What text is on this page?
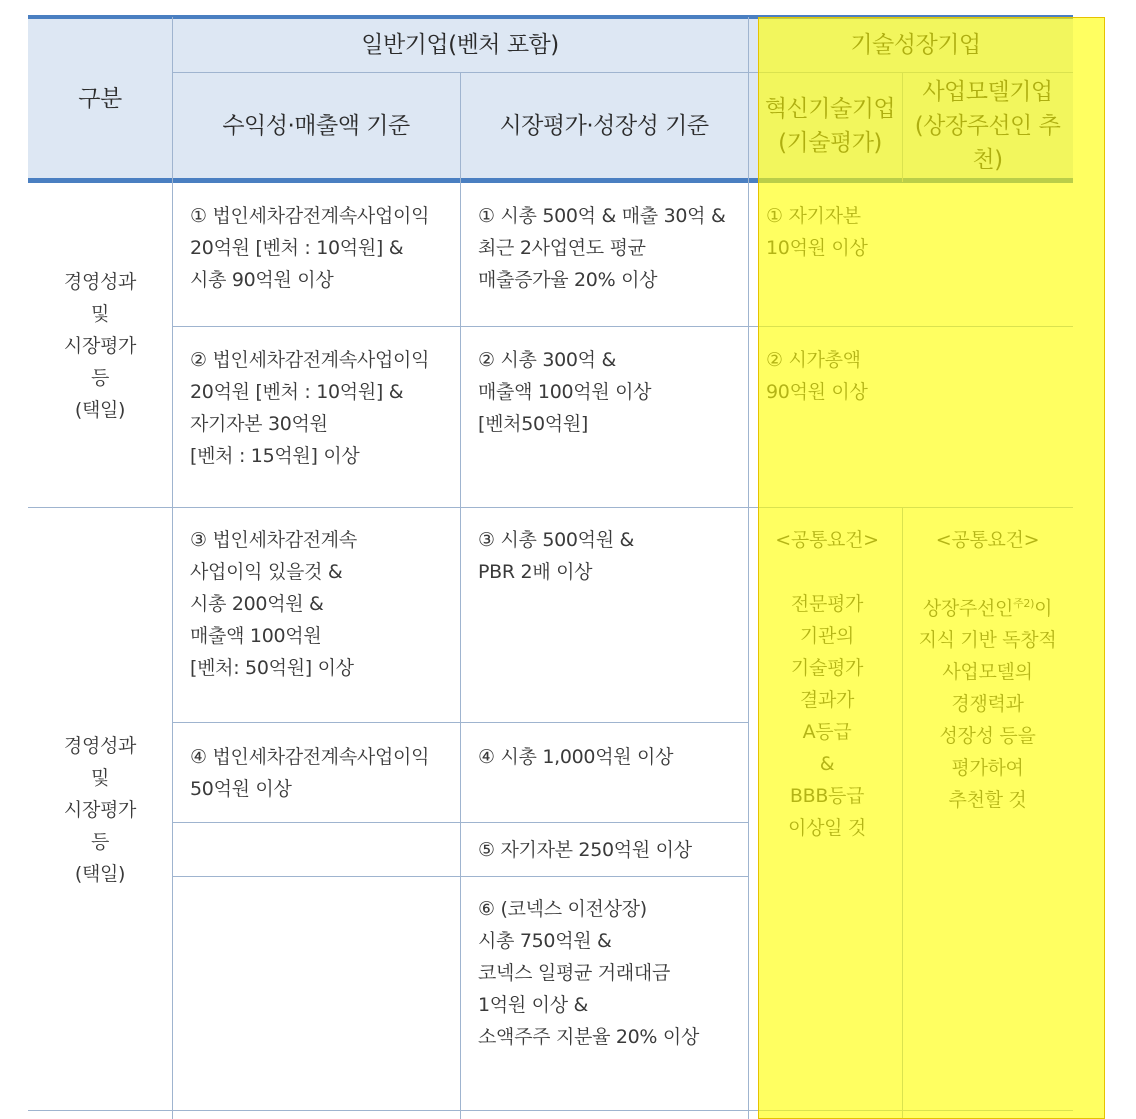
구분
일반기업(벤처 포함)
수익성·매출액 기준	시장평가·성장성 기준
경영성과
및
시장평가
등
(택일)
경영성과
및
시장평가
등
(택일)
① 법인세차감전계속사업이익
20억원 [벤처 : 10억원] &
시총 90억원 이상
② 법인세차감전계속사업이익
20억원 [벤처 : 10억원] &
자기자본 30억원
[벤처 : 15억원] 이상
③ 법인세차감전계속
사업이익 있을것 &
시총 200억원 &
매출액 100억원
[벤처: 50억원] 이상
④ 법인세차감전계속사업이익
50억원 이상
① 시총 500억 & 매출 30억 &
최근 2사업연도 평균
매출증가율 20% 이상
② 시총 300억 &
매출액 100억원 이상
[벤처50억원]
③ 시총 500억원 &
PBR 2배 이상
④ 시총 1,000억원 이상
⑤ 자기자본 250억원 이상
⑥ (코넥스 이전상장)
시총 750억원 &
코넥스 일평균 거래대금
1억원 이상 &
소액주주 지분율 20% 이상
